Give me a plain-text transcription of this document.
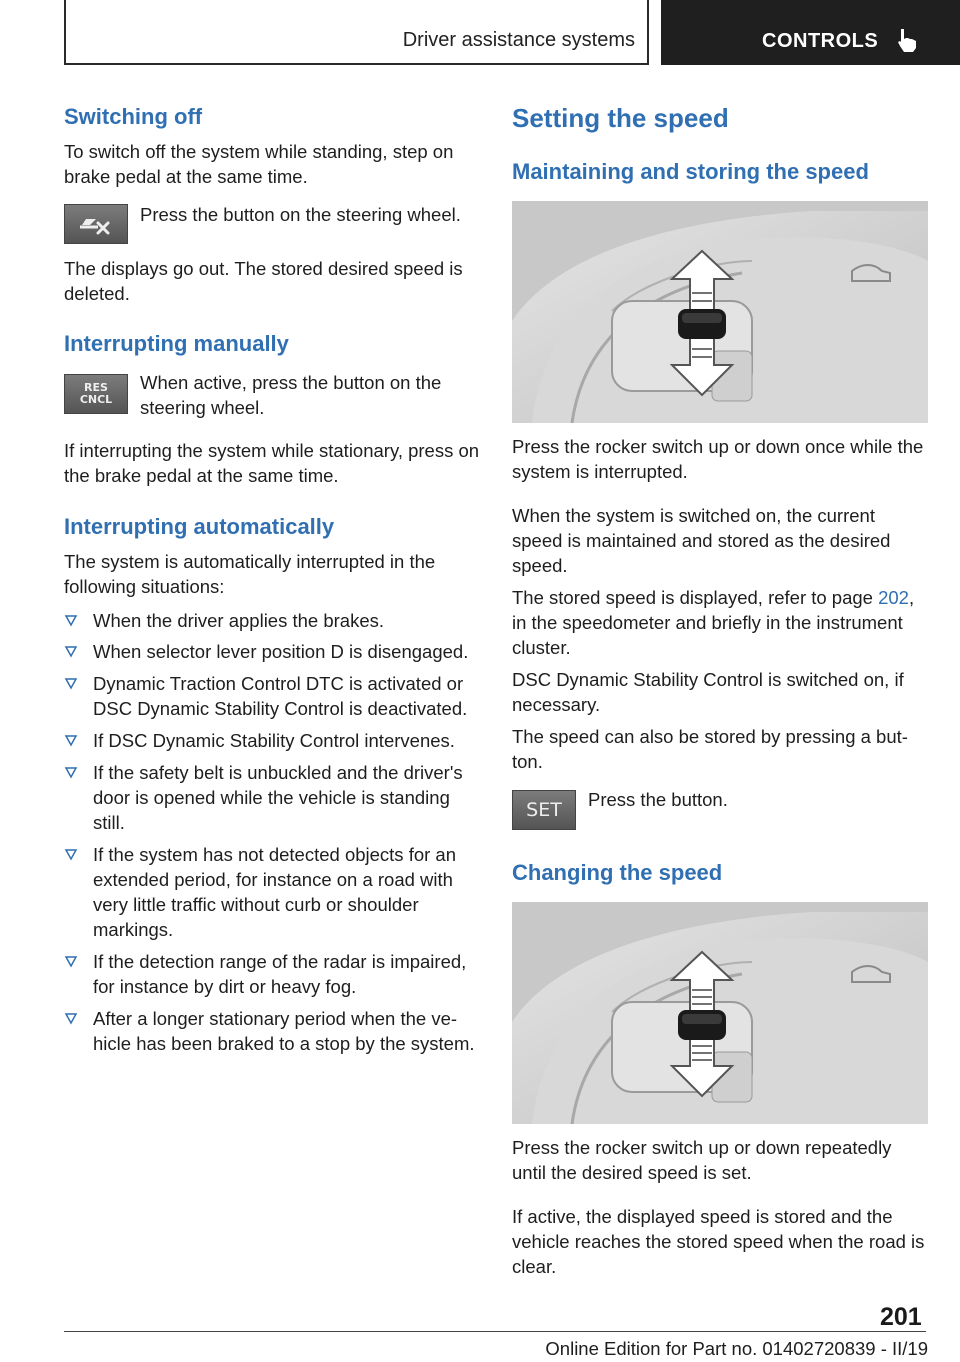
Driver assistance systems	CONTROLS
Switching off
To switch off the system while standing, step on brake pedal at the same time.
Press the button on the steering wheel.
The displays go out. The stored desired speed is deleted.
Interrupting manually
RES
CNCL
When active, press the button on the steering wheel.
If interrupting the system while stationary, press on the brake pedal at the same time.
Interrupting automatically
The system is automatically interrupted in the following situations:
When the driver applies the brakes.
When selector lever position D is disengaged.
Dynamic Traction Control DTC is activated or DSC Dynamic Stability Control is deactivated.
If DSC Dynamic Stability Control intervenes.
If the safety belt is unbuckled and the driver's door is opened while the vehicle is standing still.
If the system has not detected objects for an extended period, for instance on a road with very little traffic without curb or shoulder markings.
If the detection range of the radar is impaired, for instance by dirt or heavy fog.
After a longer stationary period when the vehicle has been braked to a stop by the system.
Setting the speed
Maintaining and storing the speed
Press the rocker switch up or down once while the system is interrupted.
When the system is switched on, the current speed is maintained and stored as the desired speed.
The stored speed is displayed, refer to page 202, in the speedometer and briefly in the instrument cluster.
DSC Dynamic Stability Control is switched on, if necessary.
The speed can also be stored by pressing a button.
SET Press the button.
Changing the speed
Press the rocker switch up or down repeatedly until the desired speed is set.
If active, the displayed speed is stored and the vehicle reaches the stored speed when the road is clear.
201
Online Edition for Part no. 01402720839 - II/19
